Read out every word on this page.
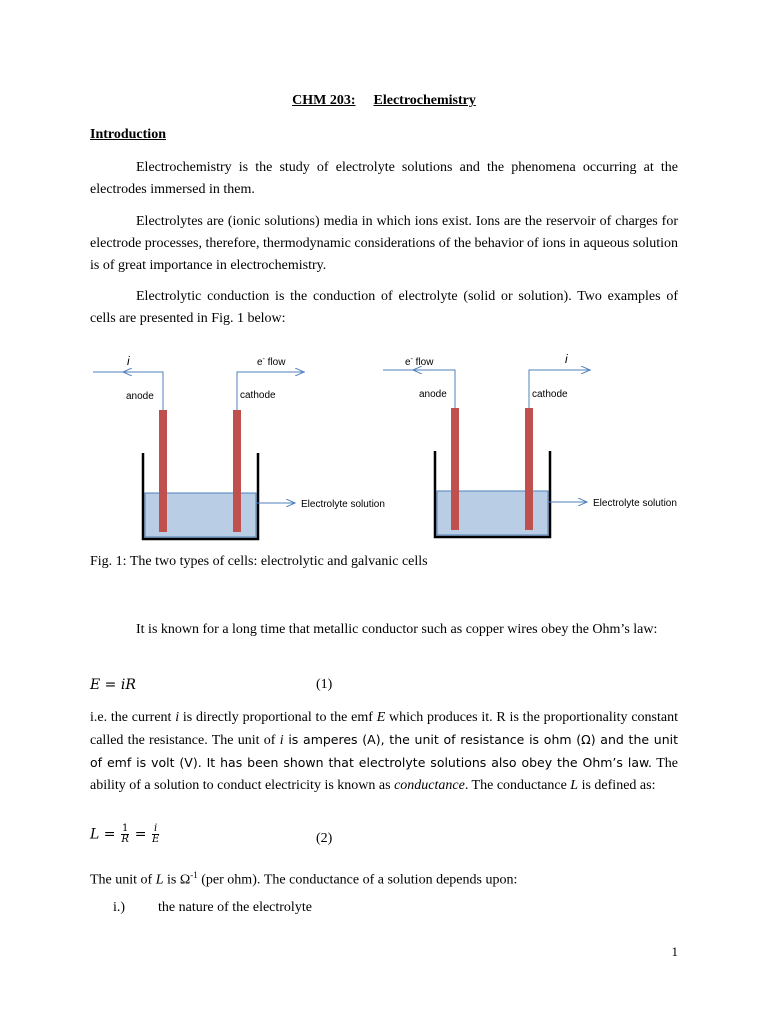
CHM 203: Electrochemistry
Introduction
Electrochemistry is the study of electrolyte solutions and the phenomena occurring at the electrodes immersed in them.
Electrolytes are (ionic solutions) media in which ions exist. Ions are the reservoir of charges for electrode processes, therefore, thermodynamic considerations of the behavior of ions in aqueous solution is of great importance in electrochemistry.
Electrolytic conduction is the conduction of electrolyte (solid or solution). Two examples of cells are presented in Fig. 1 below:
i	e- flow
anode	cathode
Electrolyte solution
i
e- flow
anode	cathode
Electrolyte solution
Fig. 1: The two types of cells: electrolytic and galvanic cells
It is known for a long time that metallic conductor such as copper wires obey the Ohm’s law:
E = iR	(1)
i.e. the current i is directly proportional to the emf E which produces it. R is the proportionality constant called the resistance. The unit of i is amperes (A), the unit of resistance is ohm (Ω) and the unit of emf is volt (V). It has been shown that electrolyte solutions also obey the Ohm’s law. The ability of a solution to conduct electricity is known as conductance. The conductance L is defined as:
$L = \frac{1}{R} = \frac{i}{E}$	(2)
The unit of L is $\Omega^{-1}$ (per ohm). The conductance of a solution depends upon:
i.) the nature of the electrolyte
1
